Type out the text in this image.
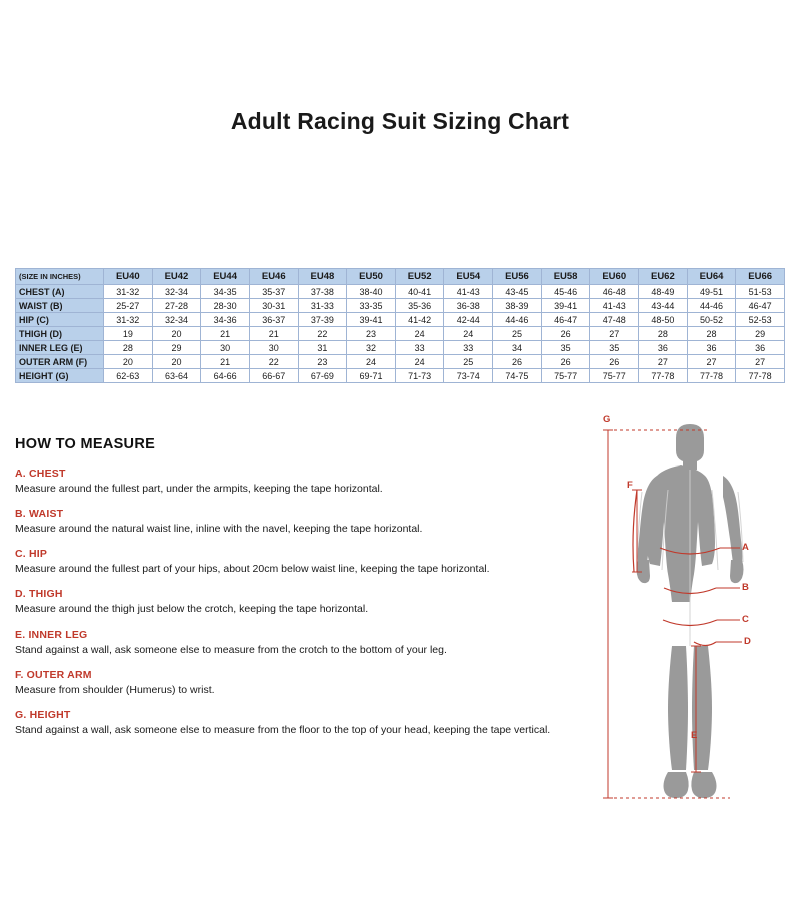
Adult Racing Suit Sizing Chart
(SIZE IN INCHES)	EU40	EU42	EU44	EU46	EU48	EU50	EU52	EU54	EU56	EU58	EU60	EU62	EU64	EU66
CHEST (A)	31-32	32-34	34-35	35-37	37-38	38-40	40-41	41-43	43-45	45-46	46-48	48-49	49-51	51-53
WAIST (B)	25-27	27-28	28-30	30-31	31-33	33-35	35-36	36-38	38-39	39-41	41-43	43-44	44-46	46-47
HIP (C)	31-32	32-34	34-36	36-37	37-39	39-41	41-42	42-44	44-46	46-47	47-48	48-50	50-52	52-53
THIGH (D)	19	20	21	21	22	23	24	24	25	26	27	28	28	29
INNER LEG (E)	28	29	30	30	31	32	33	33	34	35	35	36	36	36
OUTER ARM (F)	20	20	21	22	23	24	24	25	26	26	26	27	27	27
HEIGHT (G)	62-63	63-64	64-66	66-67	67-69	69-71	71-73	73-74	74-75	75-77	75-77	77-78	77-78	77-78
HOW TO MEASURE
A. CHEST
Measure around the fullest part, under the armpits, keeping the tape horizontal.
B. WAIST
Measure around the natural waist line, inline with the navel, keeping the tape horizontal.
C. HIP
Measure around the fullest part of your hips, about 20cm below waist line, keeping the tape horizontal.
D. THIGH
Measure around the thigh just below the crotch, keeping the tape horizontal.
E. INNER LEG
Stand against a wall, ask someone else to measure from the crotch to the bottom of your leg.
F. OUTER ARM
Measure from shoulder (Humerus) to wrist.
G. HEIGHT
Stand against a wall, ask someone else to measure from the floor to the top of your head, keeping the tape vertical.
G
F
A
B
C
D
E
